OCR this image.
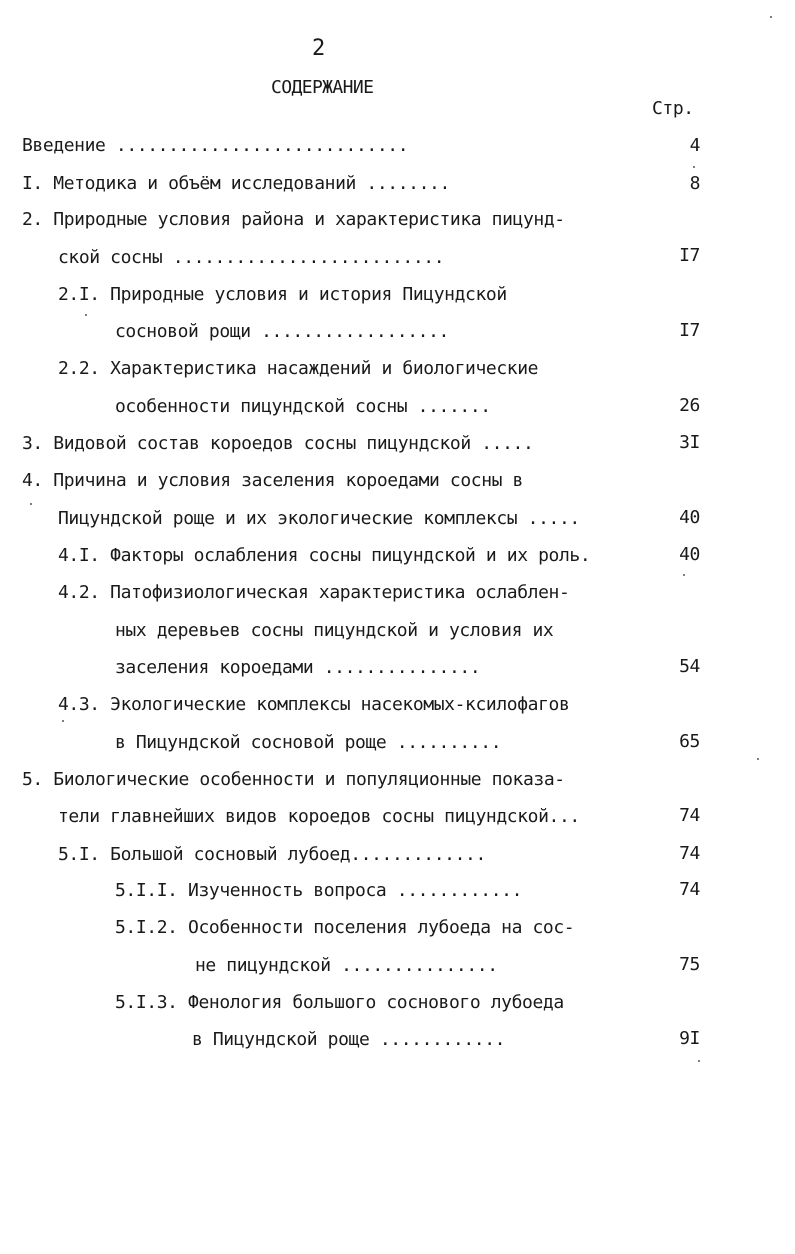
2
СОДЕРЖАНИЕ
Стр.
Введение ............................	4
I. Методика и объём исследований ........	8
2. Природные условия района и характеристика пицунд-
ской сосны ..........................	I7
2.I. Природные условия и история Пицундской
сосновой рощи ..................	I7
2.2. Характеристика насаждений и биологические
особенности пицундской сосны .......	26
3. Видовой состав короедов сосны пицундской .....	3I
4. Причина и условия заселения короедами сосны в
Пицундской роще и их экологические комплексы .....	40
4.I. Факторы ослабления сосны пицундской и их роль.	40
4.2. Патофизиологическая характеристика ослаблен-
ных деревьев сосны пицундской и условия их
заселения короедами ...............	54
4.3. Экологические комплексы насекомых-ксилофагов
в Пицундской сосновой роще ..........	65
5. Биологические особенности и популяционные показа-
тели главнейших видов короедов сосны пицундской...	74
5.I. Большой сосновый лубоед.............	74
5.I.I. Изученность вопроса ............	74
5.I.2. Особенности поселения лубоеда на сос-
не пицундской ...............	75
5.I.3. Фенология большого соснового лубоеда
в Пицундской роще ............	9I
